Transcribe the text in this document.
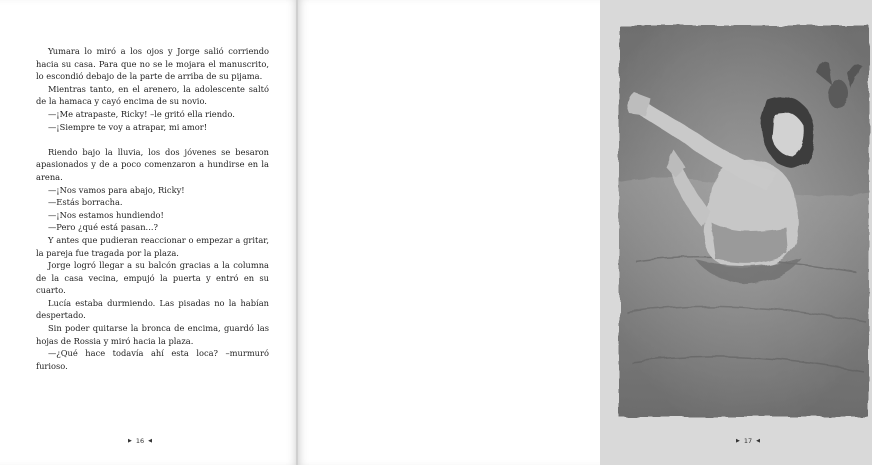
Yumara lo miró a los ojos y Jorge salió corriendo hacia su casa. Para que no se le mojara el manuscrito, lo escondió debajo de la parte de arriba de su pijama.

Mientras tanto, en el arenero, la adolescente saltó de la hamaca y cayó encima de su novio.

—¡Me atrapaste, Ricky! –le gritó ella riendo.

—¡Siempre te voy a atrapar, mi amor!

Riendo bajo la lluvia, los dos jóvenes se besaron apasionados y de a poco comenzaron a hundirse en la arena.

—¡Nos vamos para abajo, Ricky!

—Estás borracha.

—¡Nos estamos hundiendo!

—Pero ¿qué está pasan...?

Y antes que pudieran reaccionar o empezar a gritar, la pareja fue tragada por la plaza.

Jorge logró llegar a su balcón gracias a la columna de la casa vecina, empujó la puerta y entró en su cuarto.

Lucía estaba durmiendo. Las pisadas no la habían despertado.

Sin poder quitarse la bronca de encima, guardó las hojas de Rossia y miró hacia la plaza.

—¿Qué hace todavía ahí esta loca? –murmuró furioso.

▶ 16 ◀	▶ 17 ◀
